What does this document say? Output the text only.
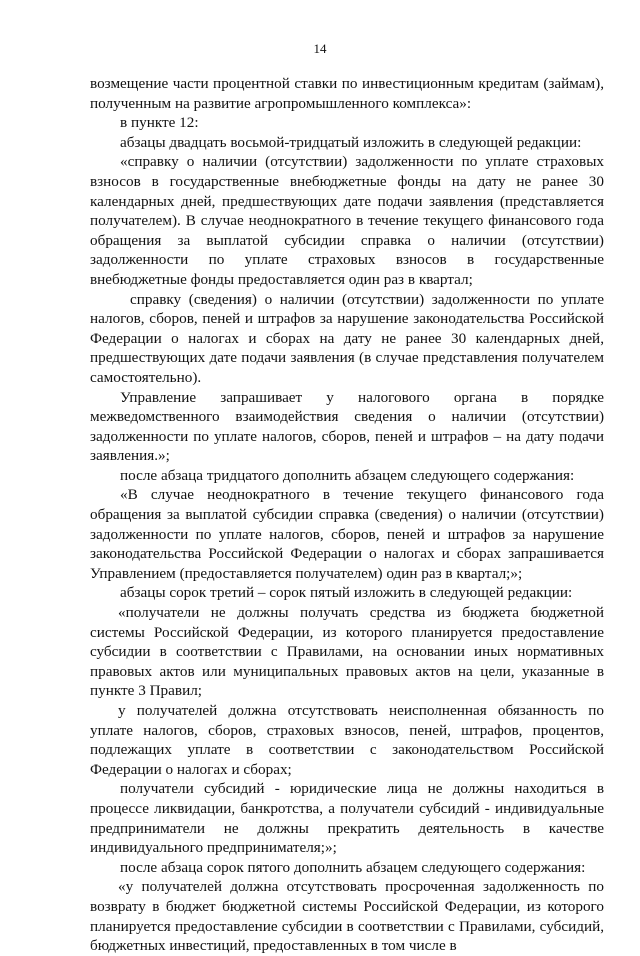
14

возмещение части процентной ставки по инвестиционным кредитам (займам), полученным на развитие агропромышленного комплекса»:

в пункте 12:

абзацы двадцать восьмой-тридцатый изложить в следующей редакции:

«справку о наличии (отсутствии) задолженности по уплате страховых взносов в государственные внебюджетные фонды на дату не ранее 30 календарных дней, предшествующих дате подачи заявления (представляется получателем). В случае неоднократного в течение текущего финансового года обращения за выплатой субсидии справка о наличии (отсутствии) задолженности по уплате страховых взносов в государственные внебюджетные фонды предоставляется один раз в квартал;

справку (сведения) о наличии (отсутствии) задолженности по уплате налогов, сборов, пеней и штрафов за нарушение законодательства Российской Федерации о налогах и сборах на дату не ранее 30 календарных дней, предшествующих дате подачи заявления (в случае представления получателем самостоятельно).

Управление запрашивает у налогового органа в порядке межведомственного взаимодействия сведения о наличии (отсутствии) задолженности по уплате налогов, сборов, пеней и штрафов – на дату подачи заявления.»;

после абзаца тридцатого дополнить абзацем следующего содержания:

«В случае неоднократного в течение текущего финансового года обращения за выплатой субсидии справка (сведения) о наличии (отсутствии) задолженности по уплате налогов, сборов, пеней и штрафов за нарушение законодательства Российской Федерации о налогах и сборах запрашивается Управлением (предоставляется получателем) один раз в квартал;»;

абзацы сорок третий – сорок пятый изложить в следующей редакции:

«получатели не должны получать средства из бюджета бюджетной системы Российской Федерации, из которого планируется предоставление субсидии в соответствии с Правилами, на основании иных нормативных правовых актов или муниципальных правовых актов на цели, указанные в пункте 3 Правил;

у получателей должна отсутствовать неисполненная обязанность по уплате налогов, сборов, страховых взносов, пеней, штрафов, процентов, подлежащих уплате в соответствии с законодательством Российской Федерации о налогах и сборах;

получатели субсидий - юридические лица не должны находиться в процессе ликвидации, банкротства, а получатели субсидий - индивидуальные предприниматели не должны прекратить деятельность в качестве индивидуального предпринимателя;»;

после абзаца сорок пятого дополнить абзацем следующего содержания:

«у получателей должна отсутствовать просроченная задолженность по возврату в бюджет бюджетной системы Российской Федерации, из которого планируется предоставление субсидии в соответствии с Правилами, субсидий, бюджетных инвестиций, предоставленных в том числе в
